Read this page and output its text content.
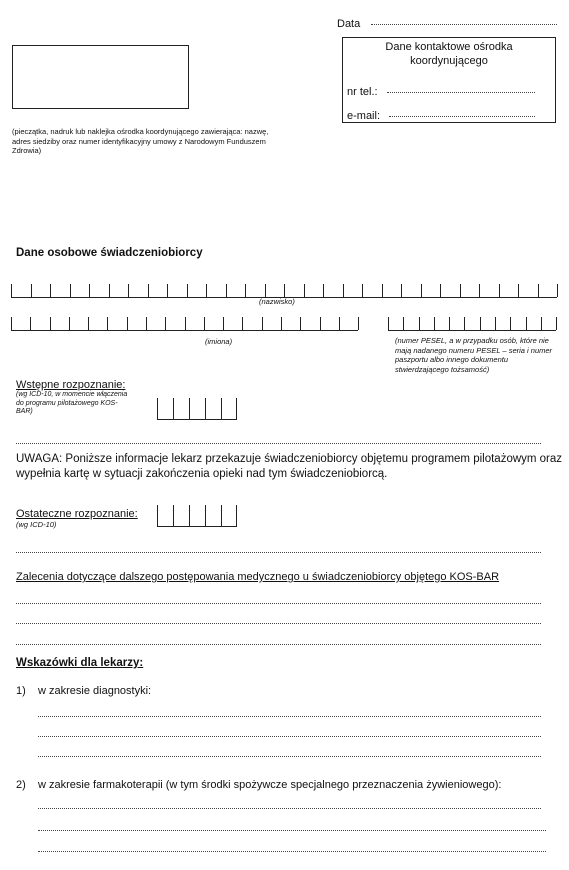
Data
(pieczątka, nadruk lub naklejka ośrodka koordynującego zawierająca: nazwę, adres siedziby oraz numer identyfikacyjny umowy z Narodowym Funduszem Zdrowia)
Dane kontaktowe ośrodka koordynującego
nr tel.:
e-mail:
Dane osobowe świadczeniobiorcy
(nazwisko)
(imiona)	(numer PESEL, a w przypadku osób, które nie mają nadanego numeru PESEL – seria i numer paszportu albo innego dokumentu stwierdzającego tożsamość)
Wstępne rozpoznanie:
(wg ICD-10, w momencie włączenia do programu pilotażowego KOS-BAR)
UWAGA: Poniższe informacje lekarz przekazuje świadczeniobiorcy objętemu programem pilotażowym oraz wypełnia kartę w sytuacji zakończenia opieki nad tym świadczeniobiorcą.
Ostateczne rozpoznanie:
(wg ICD-10)
Zalecenia dotyczące dalszego postępowania medycznego u świadczeniobiorcy objętego KOS-BAR
Wskazówki dla lekarzy:
1) w zakresie diagnostyki:
2) w zakresie farmakoterapii (w tym środki spożywcze specjalnego przeznaczenia żywieniowego):
